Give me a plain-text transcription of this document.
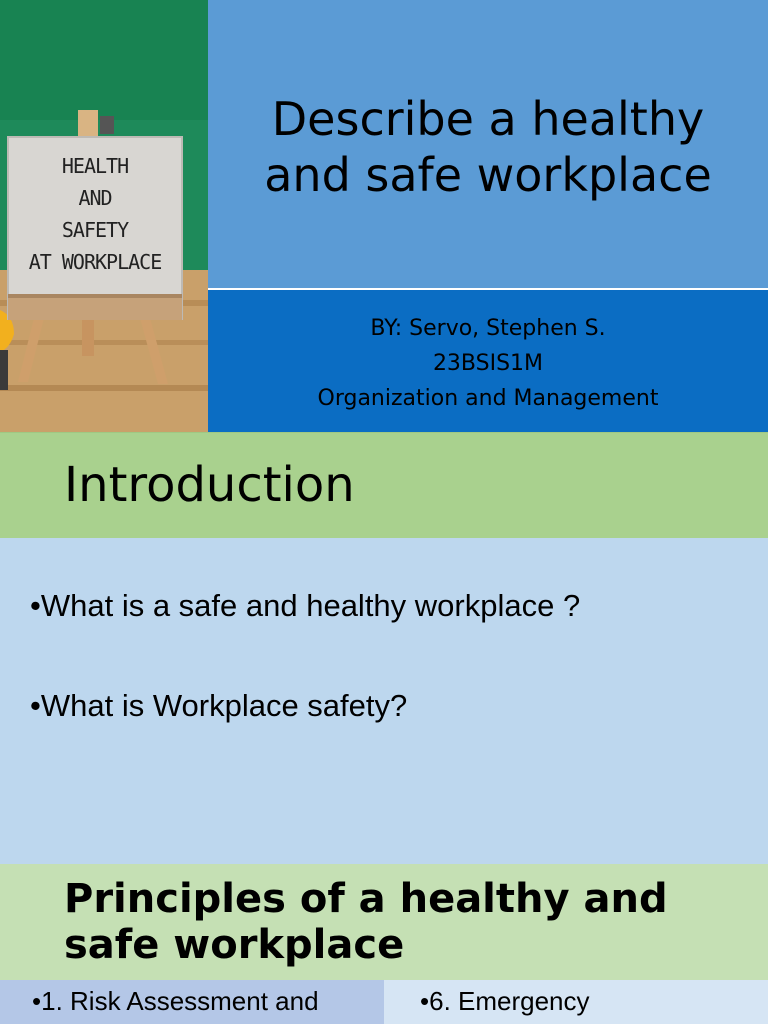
HEALTH
AND
SAFETY
AT WORKPLACE
Describe a healthy
and safe workplace
BY: Servo, Stephen S.
23BSIS1M
Organization and Management
Introduction
•What is a safe and healthy workplace ?
•What is Workplace safety?
Principles of a healthy and
safe workplace
•1. Risk Assessment and	•6. Emergency
